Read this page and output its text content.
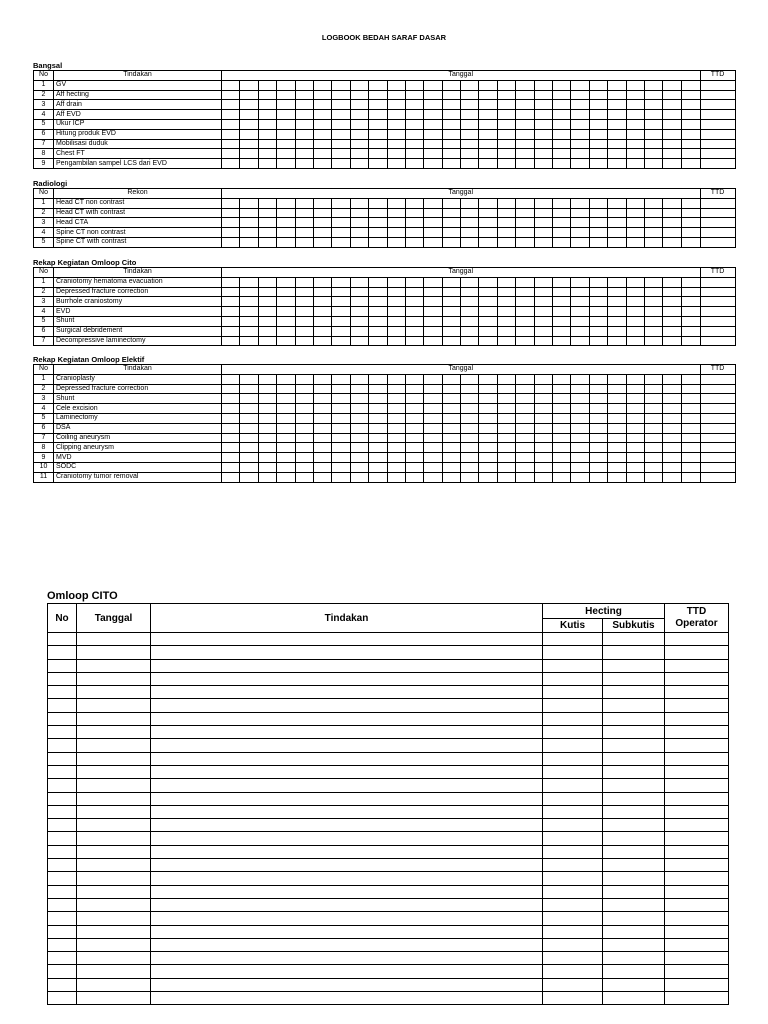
LOGBOOK BEDAH SARAF DASAR
Bangsal
No	Tindakan	Tanggal																										TTD
1	GV																											
2	Aff hecting																											
3	Aff drain																											
4	Aff EVD																											
5	Ukur ICP																											
6	Hitung produk EVD																											
7	Mobilisasi duduk																											
8	Chest FT																											
9	Pengambilan sampel LCS dari EVD																											
Radiologi
No	Rekon	Tanggal																										TTD
1	Head CT non contrast																											
2	Head CT with contrast																											
3	Head CTA																											
4	Spine CT non contrast																											
5	Spine CT with contrast																											
Rekap Kegiatan Omloop Cito
No	Tindakan	Tanggal																										TTD
1	Craniotomy hematoma evacuation																											
2	Depressed fracture correction																											
3	Burrhole craniostomy																											
4	EVD																											
5	Shunt																											
6	Surgical debridement																											
7	Decompressive laminectomy																											
Rekap Kegiatan Omloop Elektif
No	Tindakan	Tanggal																										TTD
1	Cranioplasty																											
2	Depressed fracture correction																											
3	Shunt																											
4	Cele excision																											
5	Laminectomy																											
6	DSA																											
7	Coiling aneurysm																											
8	Clipping aneurysm																											
9	MVD																											
10	SODC																											
11	Craniotomy tumor removal																											
Omloop CITO
No	Tanggal	Tindakan	Hecting		TTD
Operator

			Kutis	Subkutis	
